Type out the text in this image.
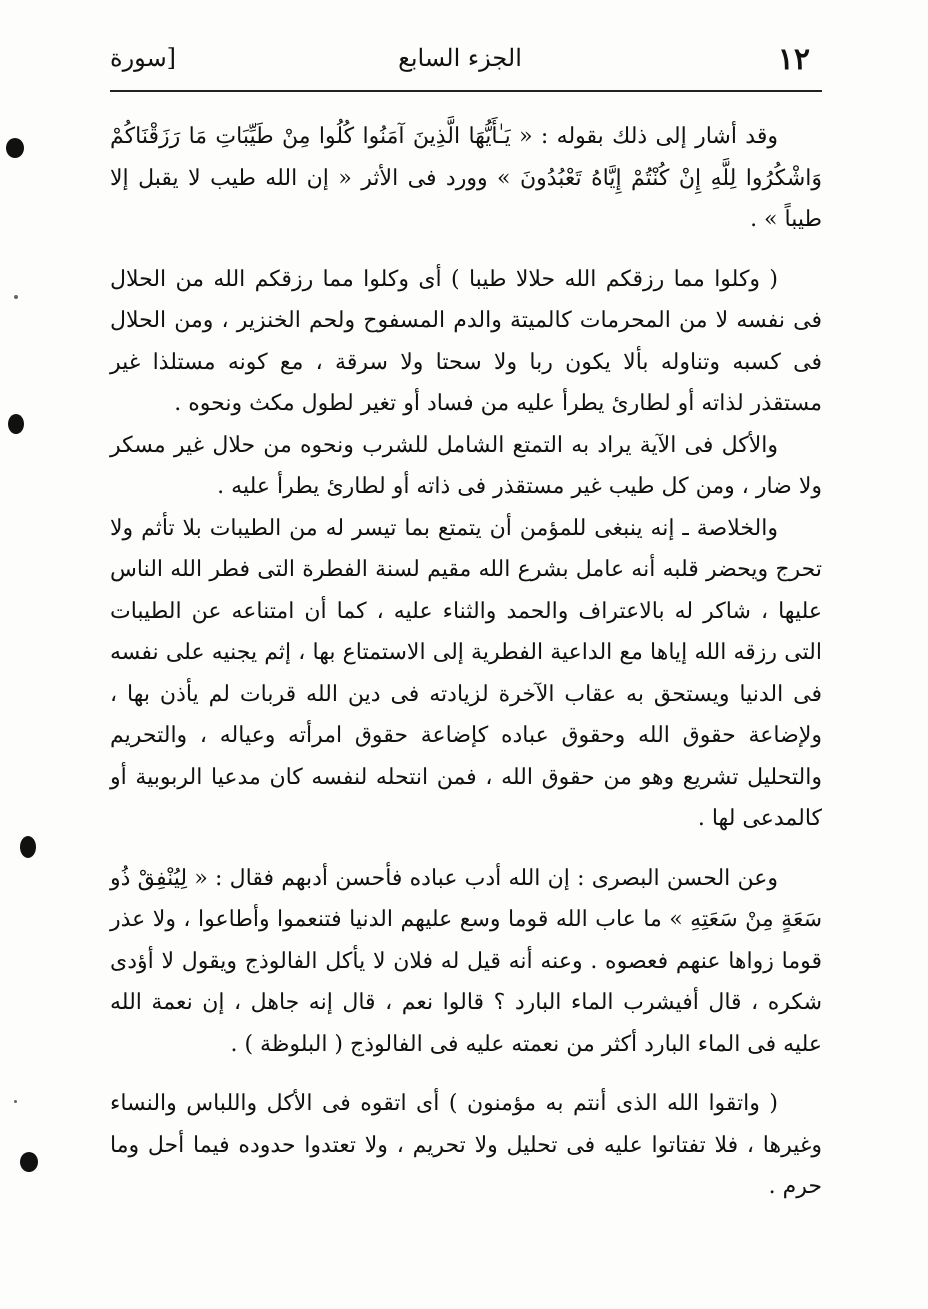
١٢
الجزء السابع
[سورة

وقد أشار إلى ذلك بقوله : « يَـٰأَيُّهَا الَّذِينَ آمَنُوا كُلُوا مِنْ طَيِّبَاتِ مَا رَزَقْنَاكُمْ وَاشْكُرُوا لِلَّهِ إِنْ كُنْتُمْ إِيَّاهُ تَعْبُدُونَ » وورد فى الأثر « إن الله طيب لا يقبل إلا طيباً » .

( وكلوا مما رزقكم الله حلالا طيبا ) أى وكلوا مما رزقكم الله من الحلال فى نفسه لا من المحرمات كالميتة والدم المسفوح ولحم الخنزير ، ومن الحلال فى كسبه وتناوله بألا يكون ربا ولا سحتا ولا سرقة ، مع كونه مستلذا غير مستقذر لذاته أو لطارئ يطرأ عليه من فساد أو تغير لطول مكث ونحوه .

والأكل فى الآية يراد به التمتع الشامل للشرب ونحوه من حلال غير مسكر ولا ضار ، ومن كل طيب غير مستقذر فى ذاته أو لطارئ يطرأ عليه .

والخلاصة ـ إنه ينبغى للمؤمن أن يتمتع بما تيسر له من الطيبات بلا تأثم ولا تحرج ويحضر قلبه أنه عامل بشرع الله مقيم لسنة الفطرة التى فطر الله الناس عليها ، شاكر له بالاعتراف والحمد والثناء عليه ، كما أن امتناعه عن الطيبات التى رزقه الله إياها مع الداعية الفطرية إلى الاستمتاع بها ، إثم يجنيه على نفسه فى الدنيا ويستحق به عقاب الآخرة لزيادته فى دين الله قربات لم يأذن بها ، ولإضاعة حقوق الله وحقوق عباده كإضاعة حقوق امرأته وعياله ، والتحريم والتحليل تشريع وهو من حقوق الله ، فمن انتحله لنفسه كان مدعيا الربوبية أو كالمدعى لها .

وعن الحسن البصرى : إن الله أدب عباده فأحسن أدبهم فقال : « لِيُنْفِقْ ذُو سَعَةٍ مِنْ سَعَتِهِ » ما عاب الله قوما وسع عليهم الدنيا فتنعموا وأطاعوا ، ولا عذر قوما زواها عنهم فعصوه . وعنه أنه قيل له فلان لا يأكل الفالوذج ويقول لا أؤدى شكره ، قال أفيشرب الماء البارد ؟ قالوا نعم ، قال إنه جاهل ، إن نعمة الله عليه فى الماء البارد أكثر من نعمته عليه فى الفالوذج ( البلوظة ) .

( واتقوا الله الذى أنتم به مؤمنون ) أى اتقوه فى الأكل واللباس والنساء وغيرها ، فلا تفتاتوا عليه فى تحليل ولا تحريم ، ولا تعتدوا حدوده فيما أحل وما حرم .
